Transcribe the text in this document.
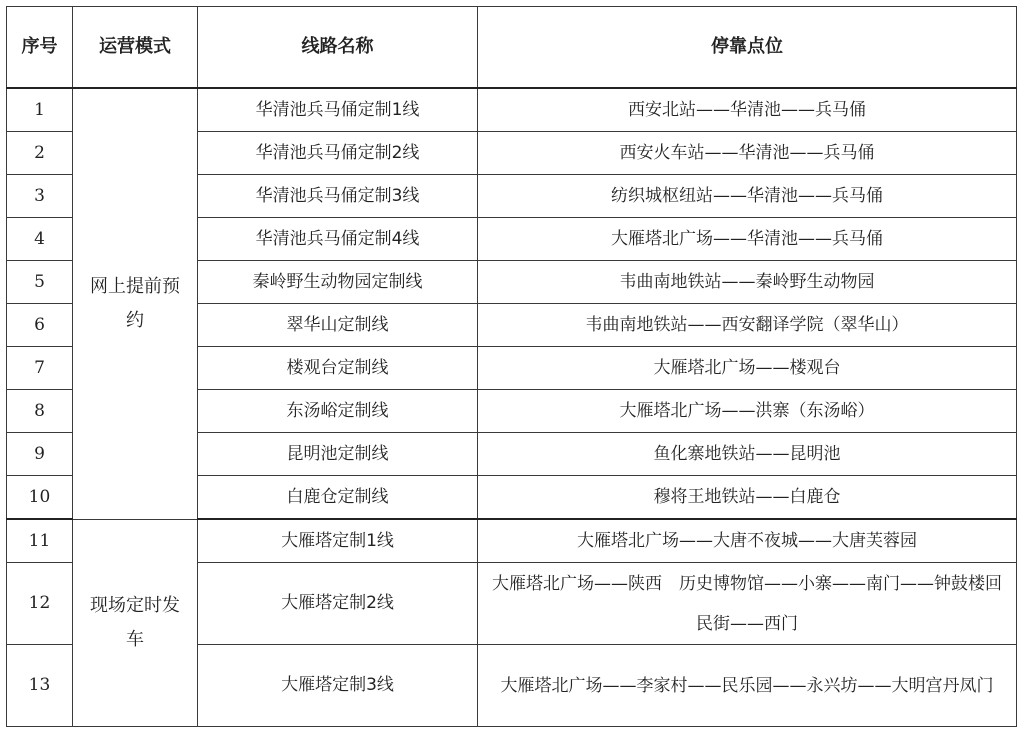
序号	运营模式	线路名称	停靠点位
1	网上提前预约	华清池兵马俑定制1线	西安北站——华清池——兵马俑
2		华清池兵马俑定制2线	西安火车站——华清池——兵马俑
3		华清池兵马俑定制3线	纺织城枢纽站——华清池——兵马俑
4		华清池兵马俑定制4线	大雁塔北广场——华清池——兵马俑
5		秦岭野生动物园定制线	韦曲南地铁站——秦岭野生动物园
6		翠华山定制线	韦曲南地铁站——西安翻译学院（翠华山）
7		楼观台定制线	大雁塔北广场——楼观台
8		东汤峪定制线	大雁塔北广场——洪寨（东汤峪）
9		昆明池定制线	鱼化寨地铁站——昆明池
10		白鹿仓定制线	穆将王地铁站——白鹿仓
11	现场定时发车	大雁塔定制1线	大雁塔北广场——大唐不夜城——大唐芙蓉园
12		大雁塔定制2线	大雁塔北广场——陕西　历史博物馆——小寨——南门——钟鼓楼回民街——西门
13		大雁塔定制3线	大雁塔北广场——李家村——民乐园——永兴坊——大明宫丹凤门
